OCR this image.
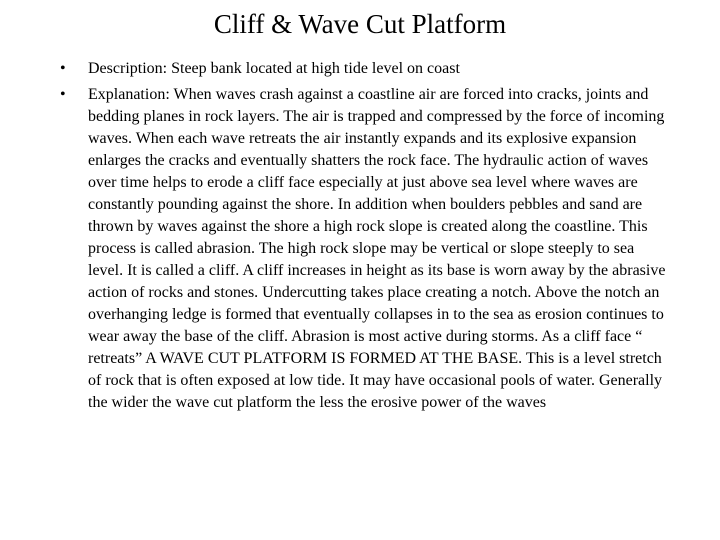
Cliff & Wave Cut Platform
•	Description: Steep bank located at high tide level on coast
•	Explanation: When waves crash against a coastline air are forced into cracks, joints and bedding planes in rock layers. The air is trapped and compressed by the force of incoming waves. When each wave retreats the air instantly expands and its explosive expansion enlarges the cracks and eventually shatters the rock face. The hydraulic action of waves over time helps to erode a cliff face especially at just above sea level where waves are constantly pounding against the shore. In addition when boulders pebbles and sand are thrown by waves against the shore a high rock slope is created along the coastline. This process is called abrasion. The high rock slope may be vertical or slope steeply to sea level. It is called a cliff. A cliff increases in height as its base is worn away by the abrasive action of rocks and stones. Undercutting takes place creating a notch. Above the notch an overhanging ledge is formed that eventually collapses in to the sea as erosion continues to wear away the base of the cliff. Abrasion is most active during storms. As a cliff face “ retreats” A WAVE CUT PLATFORM IS FORMED AT THE BASE. This is a level stretch of rock that is often exposed at low tide. It may have occasional pools of water. Generally the wider the wave cut platform the less the erosive power of the waves
